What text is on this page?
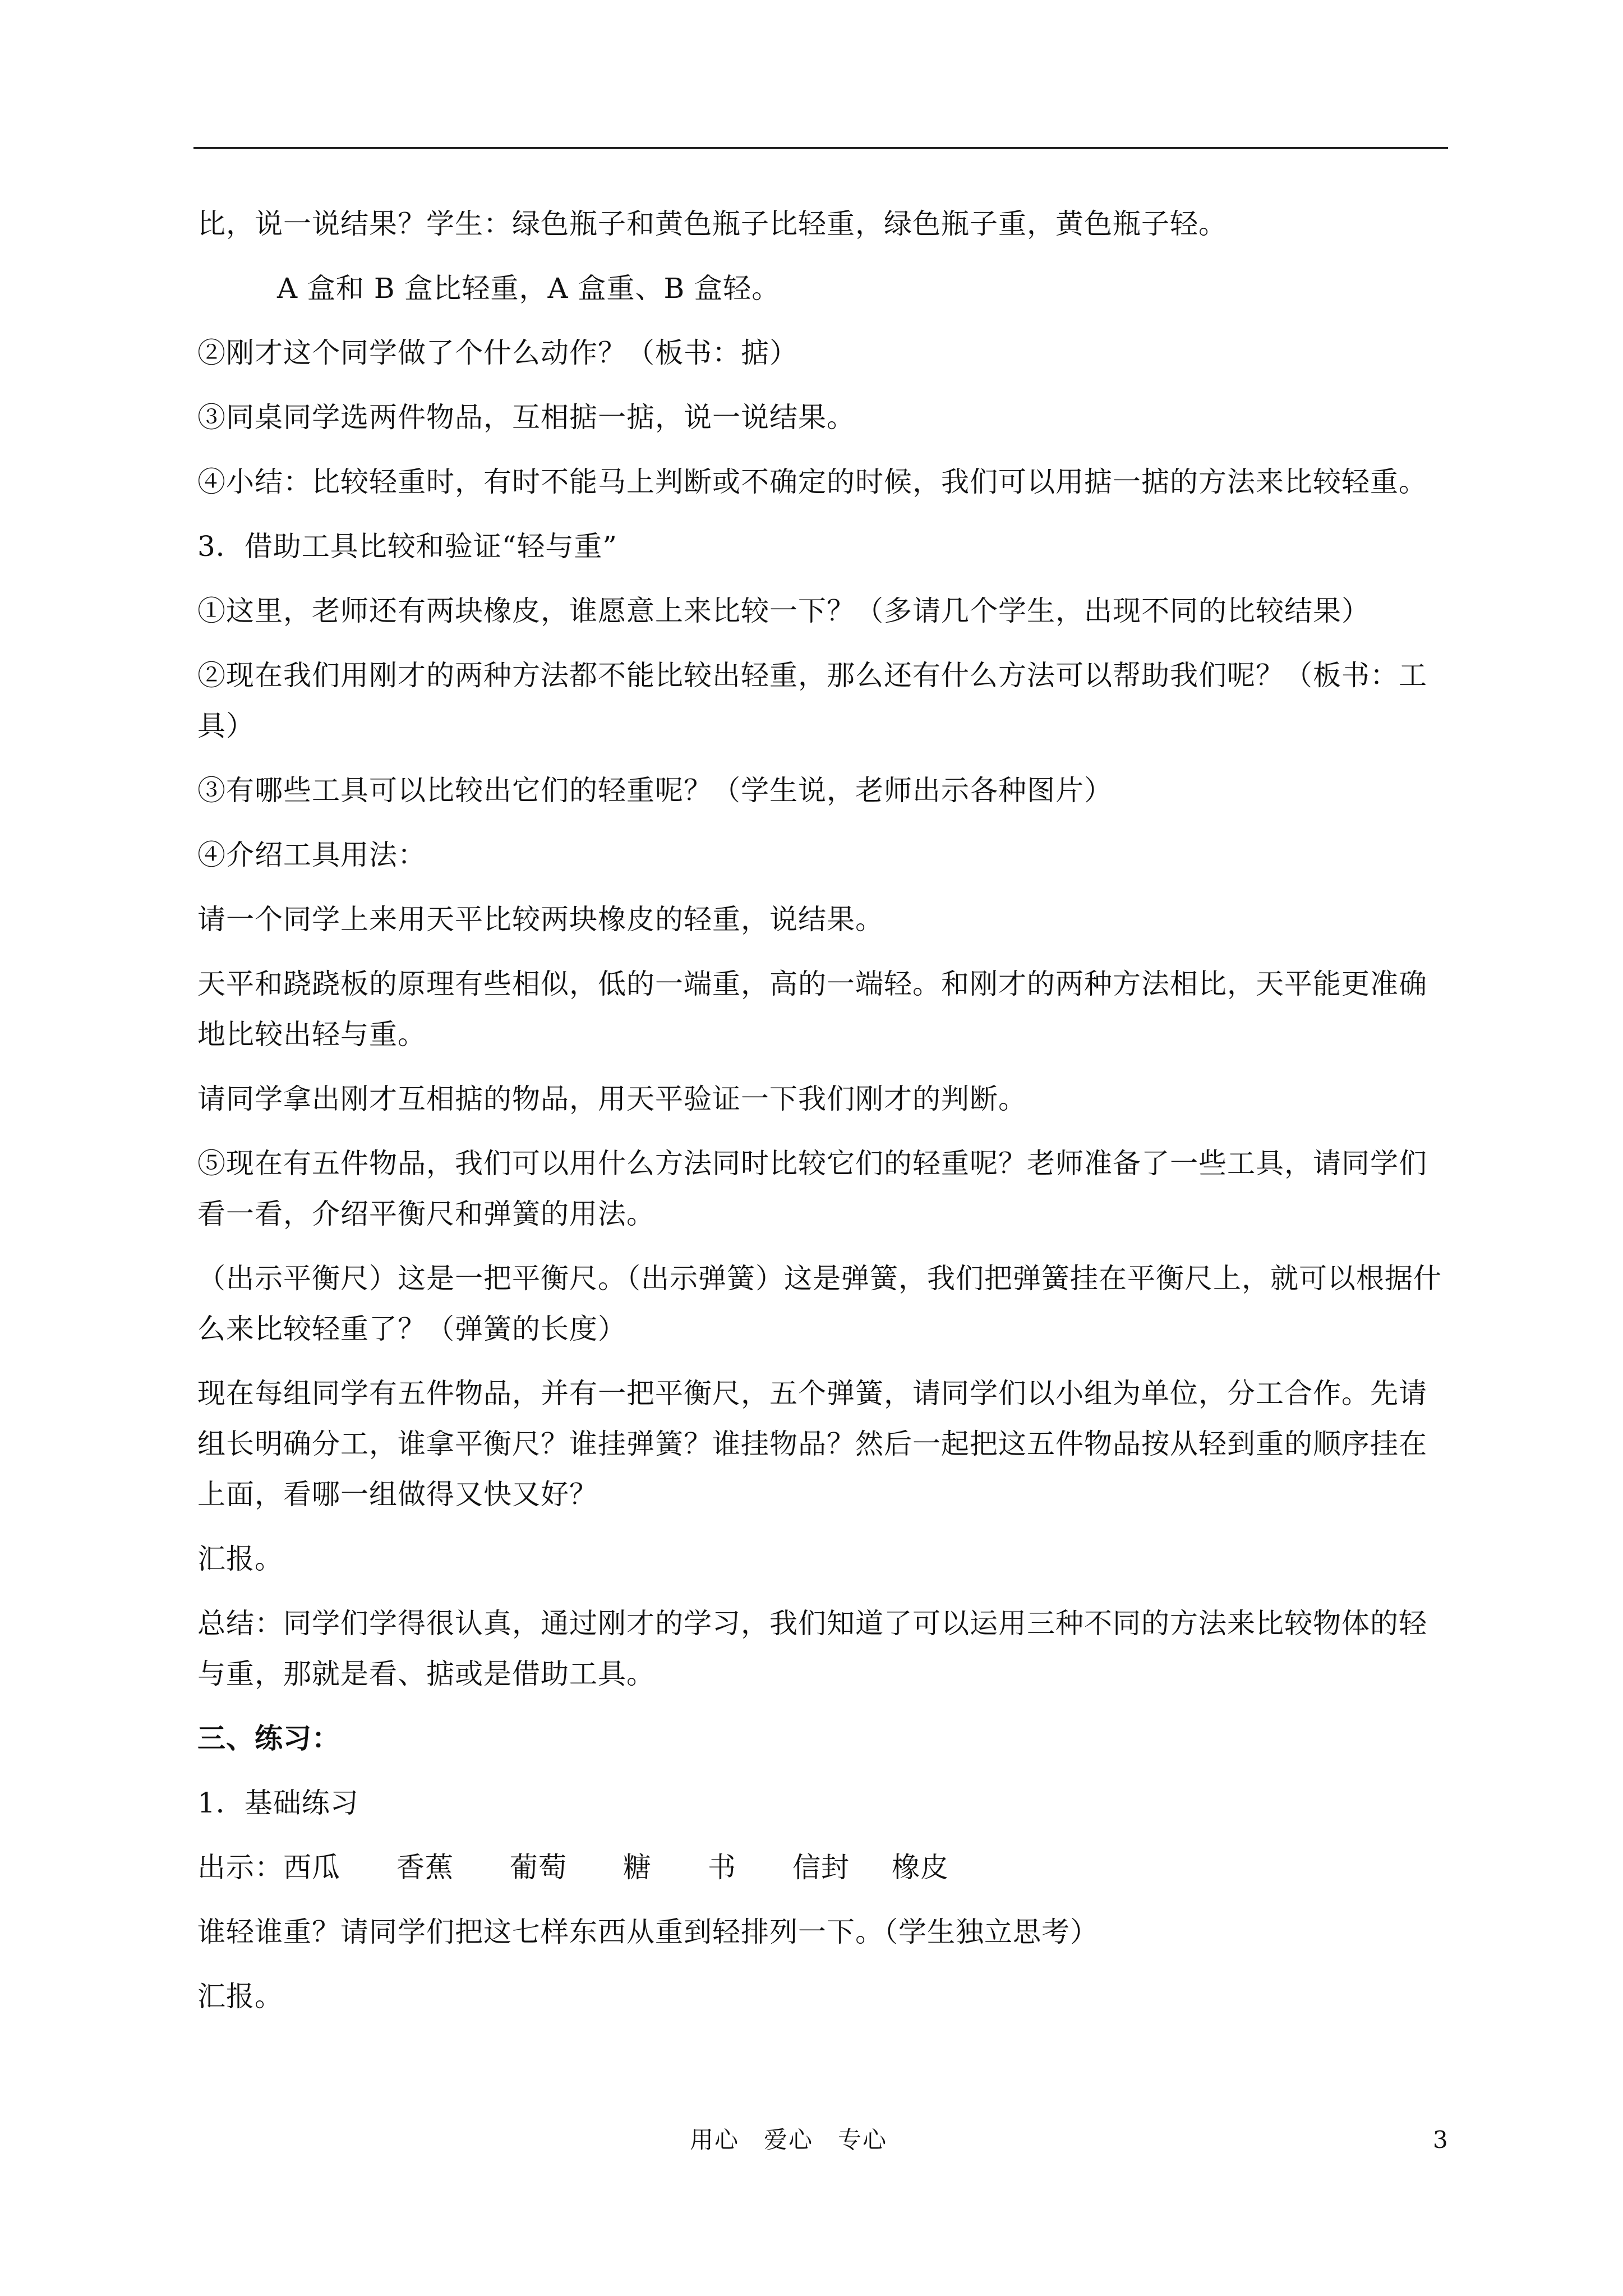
比，说一说结果？学生：绿色瓶子和黄色瓶子比轻重，绿色瓶子重，黄色瓶子轻。
A 盒和 B 盒比轻重，A 盒重、B 盒轻。
②刚才这个同学做了个什么动作？（板书：掂）
③同桌同学选两件物品，互相掂一掂，说一说结果。
④小结：比较轻重时，有时不能马上判断或不确定的时候，我们可以用掂一掂的方法来比较轻重。
3．借助工具比较和验证“轻与重”
①这里，老师还有两块橡皮，谁愿意上来比较一下？（多请几个学生，出现不同的比较结果）
②现在我们用刚才的两种方法都不能比较出轻重，那么还有什么方法可以帮助我们呢？（板书：工
具）
③有哪些工具可以比较出它们的轻重呢？（学生说，老师出示各种图片）
④介绍工具用法：
请一个同学上来用天平比较两块橡皮的轻重，说结果。
天平和跷跷板的原理有些相似，低的一端重，高的一端轻。和刚才的两种方法相比，天平能更准确
地比较出轻与重。
请同学拿出刚才互相掂的物品，用天平验证一下我们刚才的判断。
⑤现在有五件物品，我们可以用什么方法同时比较它们的轻重呢？老师准备了一些工具，请同学们
看一看，介绍平衡尺和弹簧的用法。
（出示平衡尺）这是一把平衡尺。（出示弹簧）这是弹簧，我们把弹簧挂在平衡尺上，就可以根据什
么来比较轻重了？（弹簧的长度）
现在每组同学有五件物品，并有一把平衡尺，五个弹簧，请同学们以小组为单位，分工合作。先请
组长明确分工，谁拿平衡尺？谁挂弹簧？谁挂物品？然后一起把这五件物品按从轻到重的顺序挂在
上面，看哪一组做得又快又好？
汇报。
总结：同学们学得很认真，通过刚才的学习，我们知道了可以运用三种不同的方法来比较物体的轻
与重，那就是看、掂或是借助工具。
三、练习：
1．基础练习
出示：西瓜 香蕉 葡萄 糖 书 信封 橡皮
谁轻谁重？请同学们把这七样东西从重到轻排列一下。（学生独立思考）
汇报。
用心　爱心　专心	3
